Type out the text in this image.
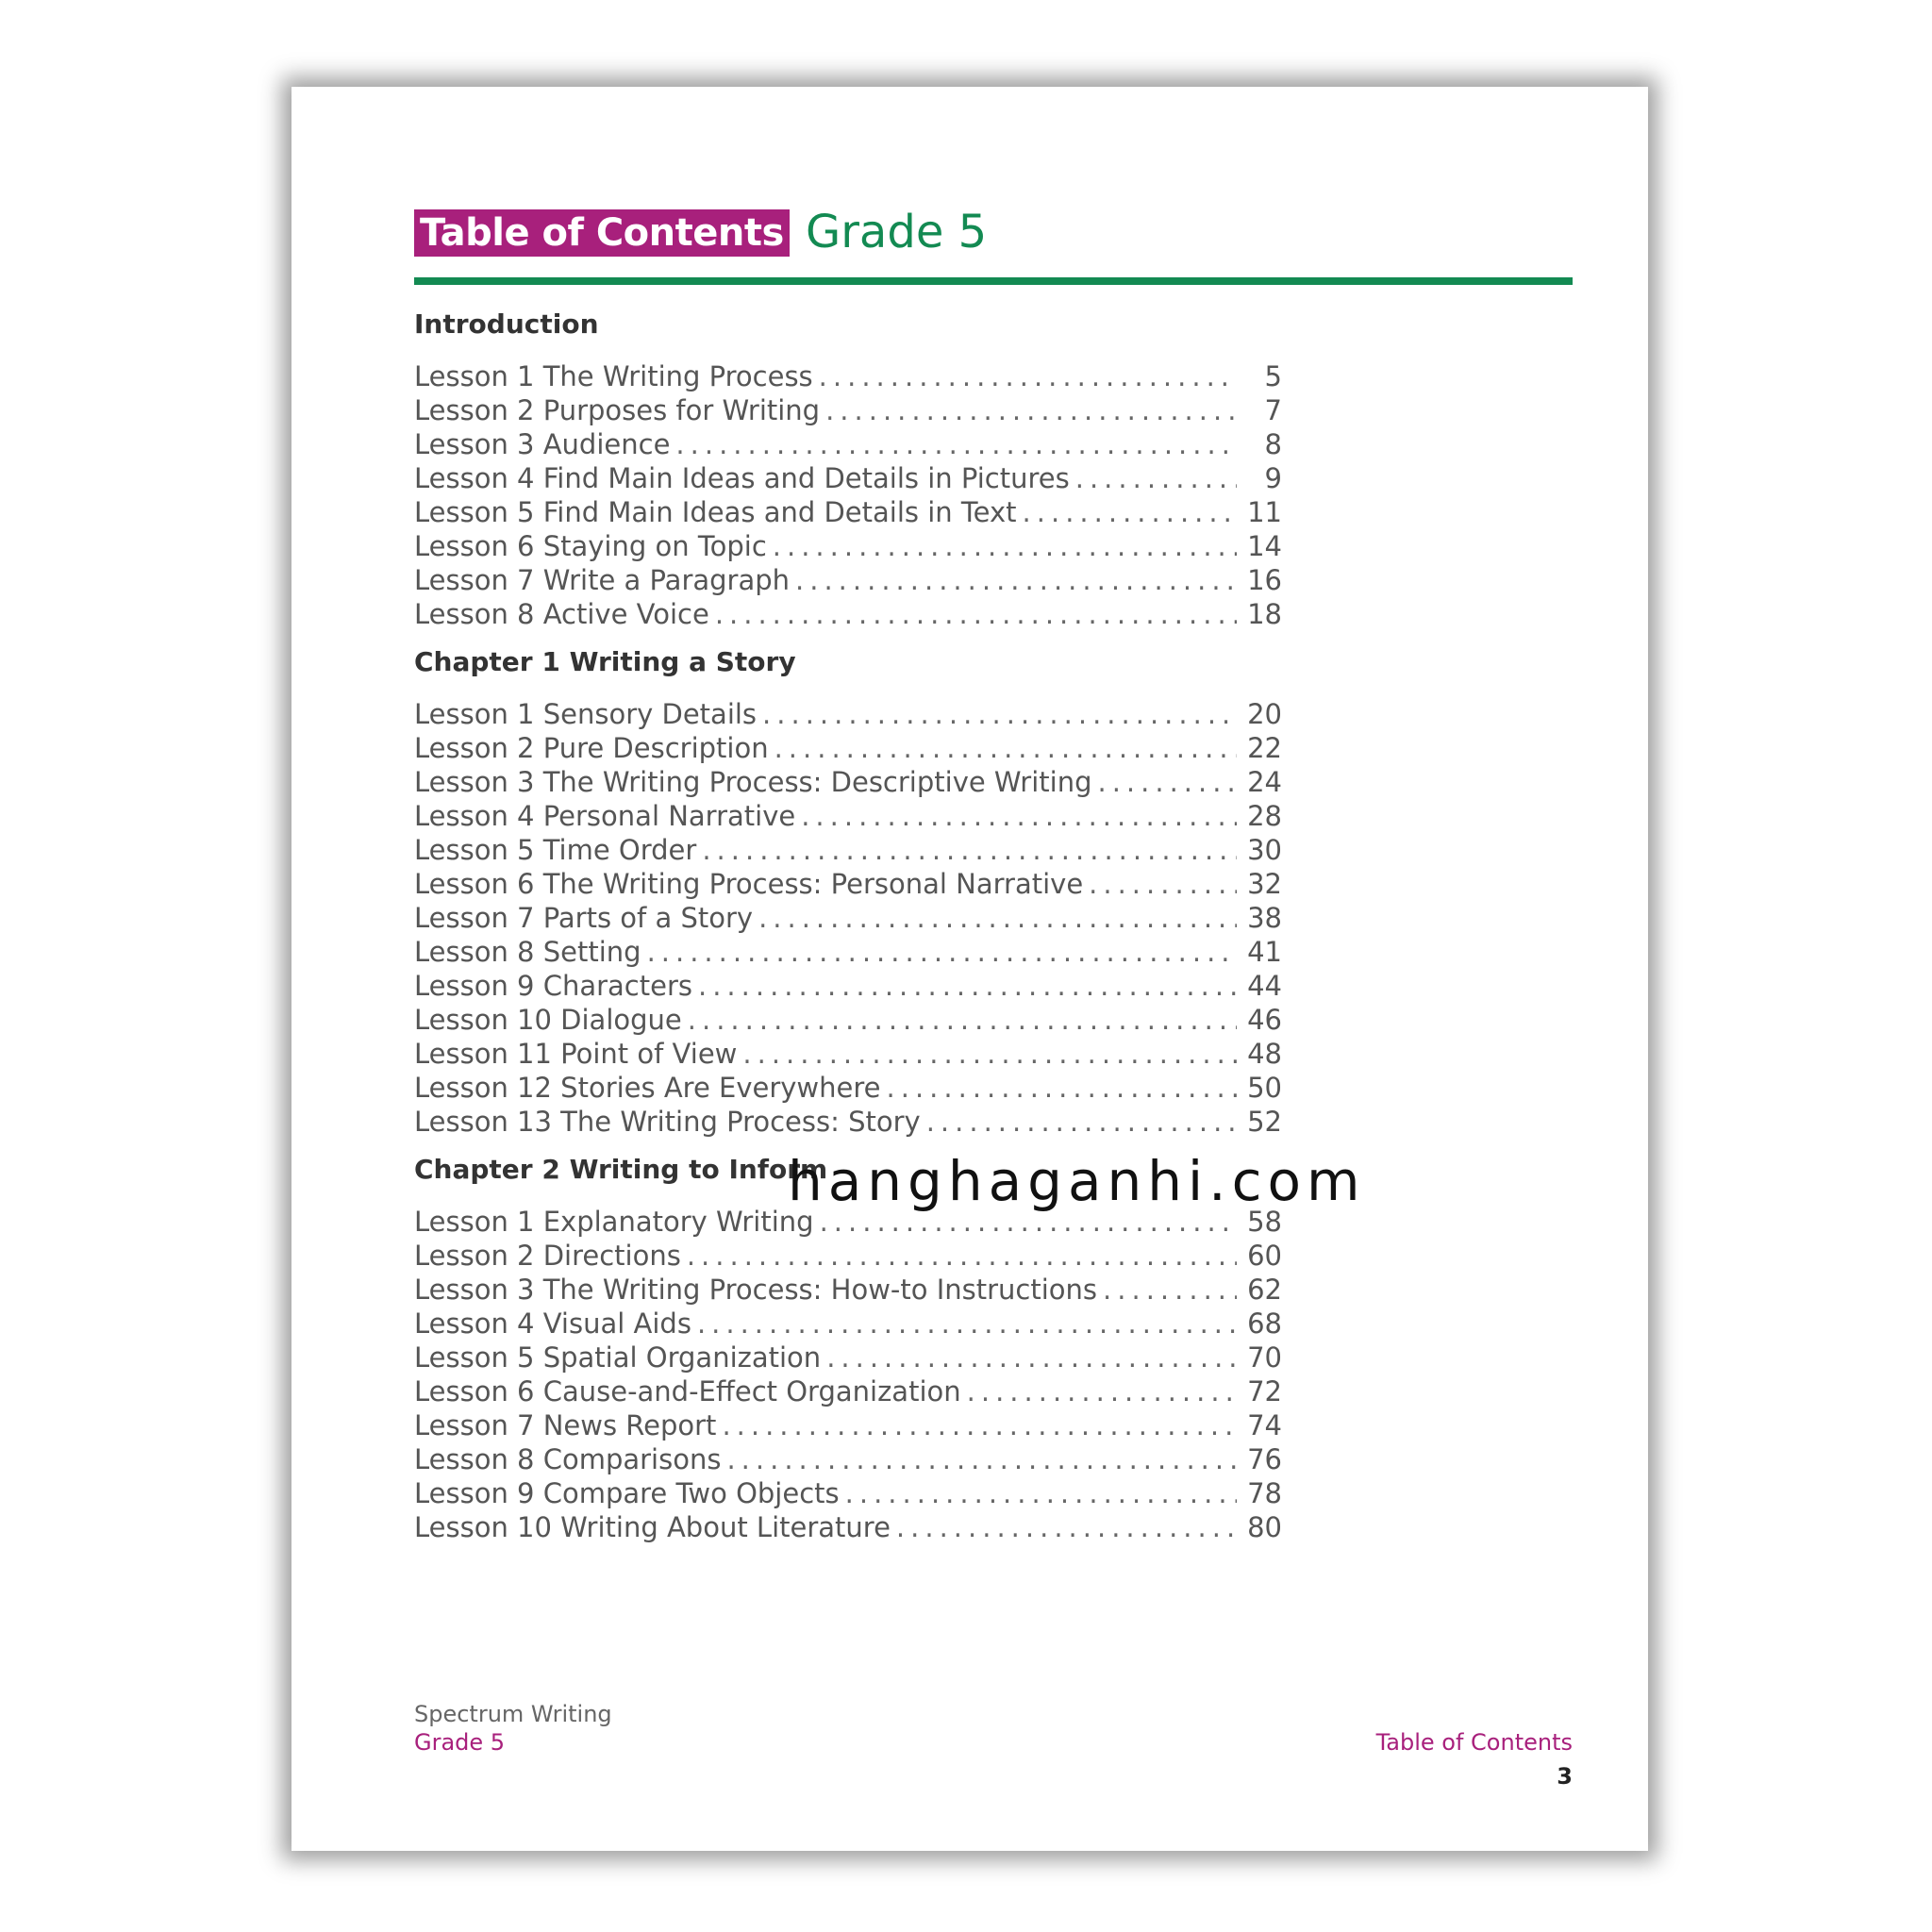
Table of Contents Grade 5
Introduction
Lesson 1 The Writing Process .....	5
Lesson 2 Purposes for Writing .....	7
Lesson 3 Audience .....	8
Lesson 4 Find Main Ideas and Details in Pictures .....	9
Lesson 5 Find Main Ideas and Details in Text .....	11
Lesson 6 Staying on Topic .....	14
Lesson 7 Write a Paragraph .....	16
Lesson 8 Active Voice .....	18
Chapter 1 Writing a Story
Lesson 1 Sensory Details .....	20
Lesson 2 Pure Description .....	22
Lesson 3 The Writing Process: Descriptive Writing .....	24
Lesson 4 Personal Narrative .....	28
Lesson 5 Time Order .....	30
Lesson 6 The Writing Process: Personal Narrative .....	32
Lesson 7 Parts of a Story .....	38
Lesson 8 Setting .....	41
Lesson 9 Characters .....	44
Lesson 10 Dialogue .....	46
Lesson 11 Point of View .....	48
Lesson 12 Stories Are Everywhere .....	50
Lesson 13 The Writing Process: Story .....	52
Chapter 2 Writing to Inform
Lesson 1 Explanatory Writing .....	58
Lesson 2 Directions .....	60
Lesson 3 The Writing Process: How-to Instructions .....	62
Lesson 4 Visual Aids .....	68
Lesson 5 Spatial Organization .....	70
Lesson 6 Cause-and-Effect Organization .....	72
Lesson 7 News Report .....	74
Lesson 8 Comparisons .....	76
Lesson 9 Compare Two Objects .....	78
Lesson 10 Writing About Literature .....	80
Spectrum Writing
Grade 5	Table of Contents
3
hanghaganhi.com
